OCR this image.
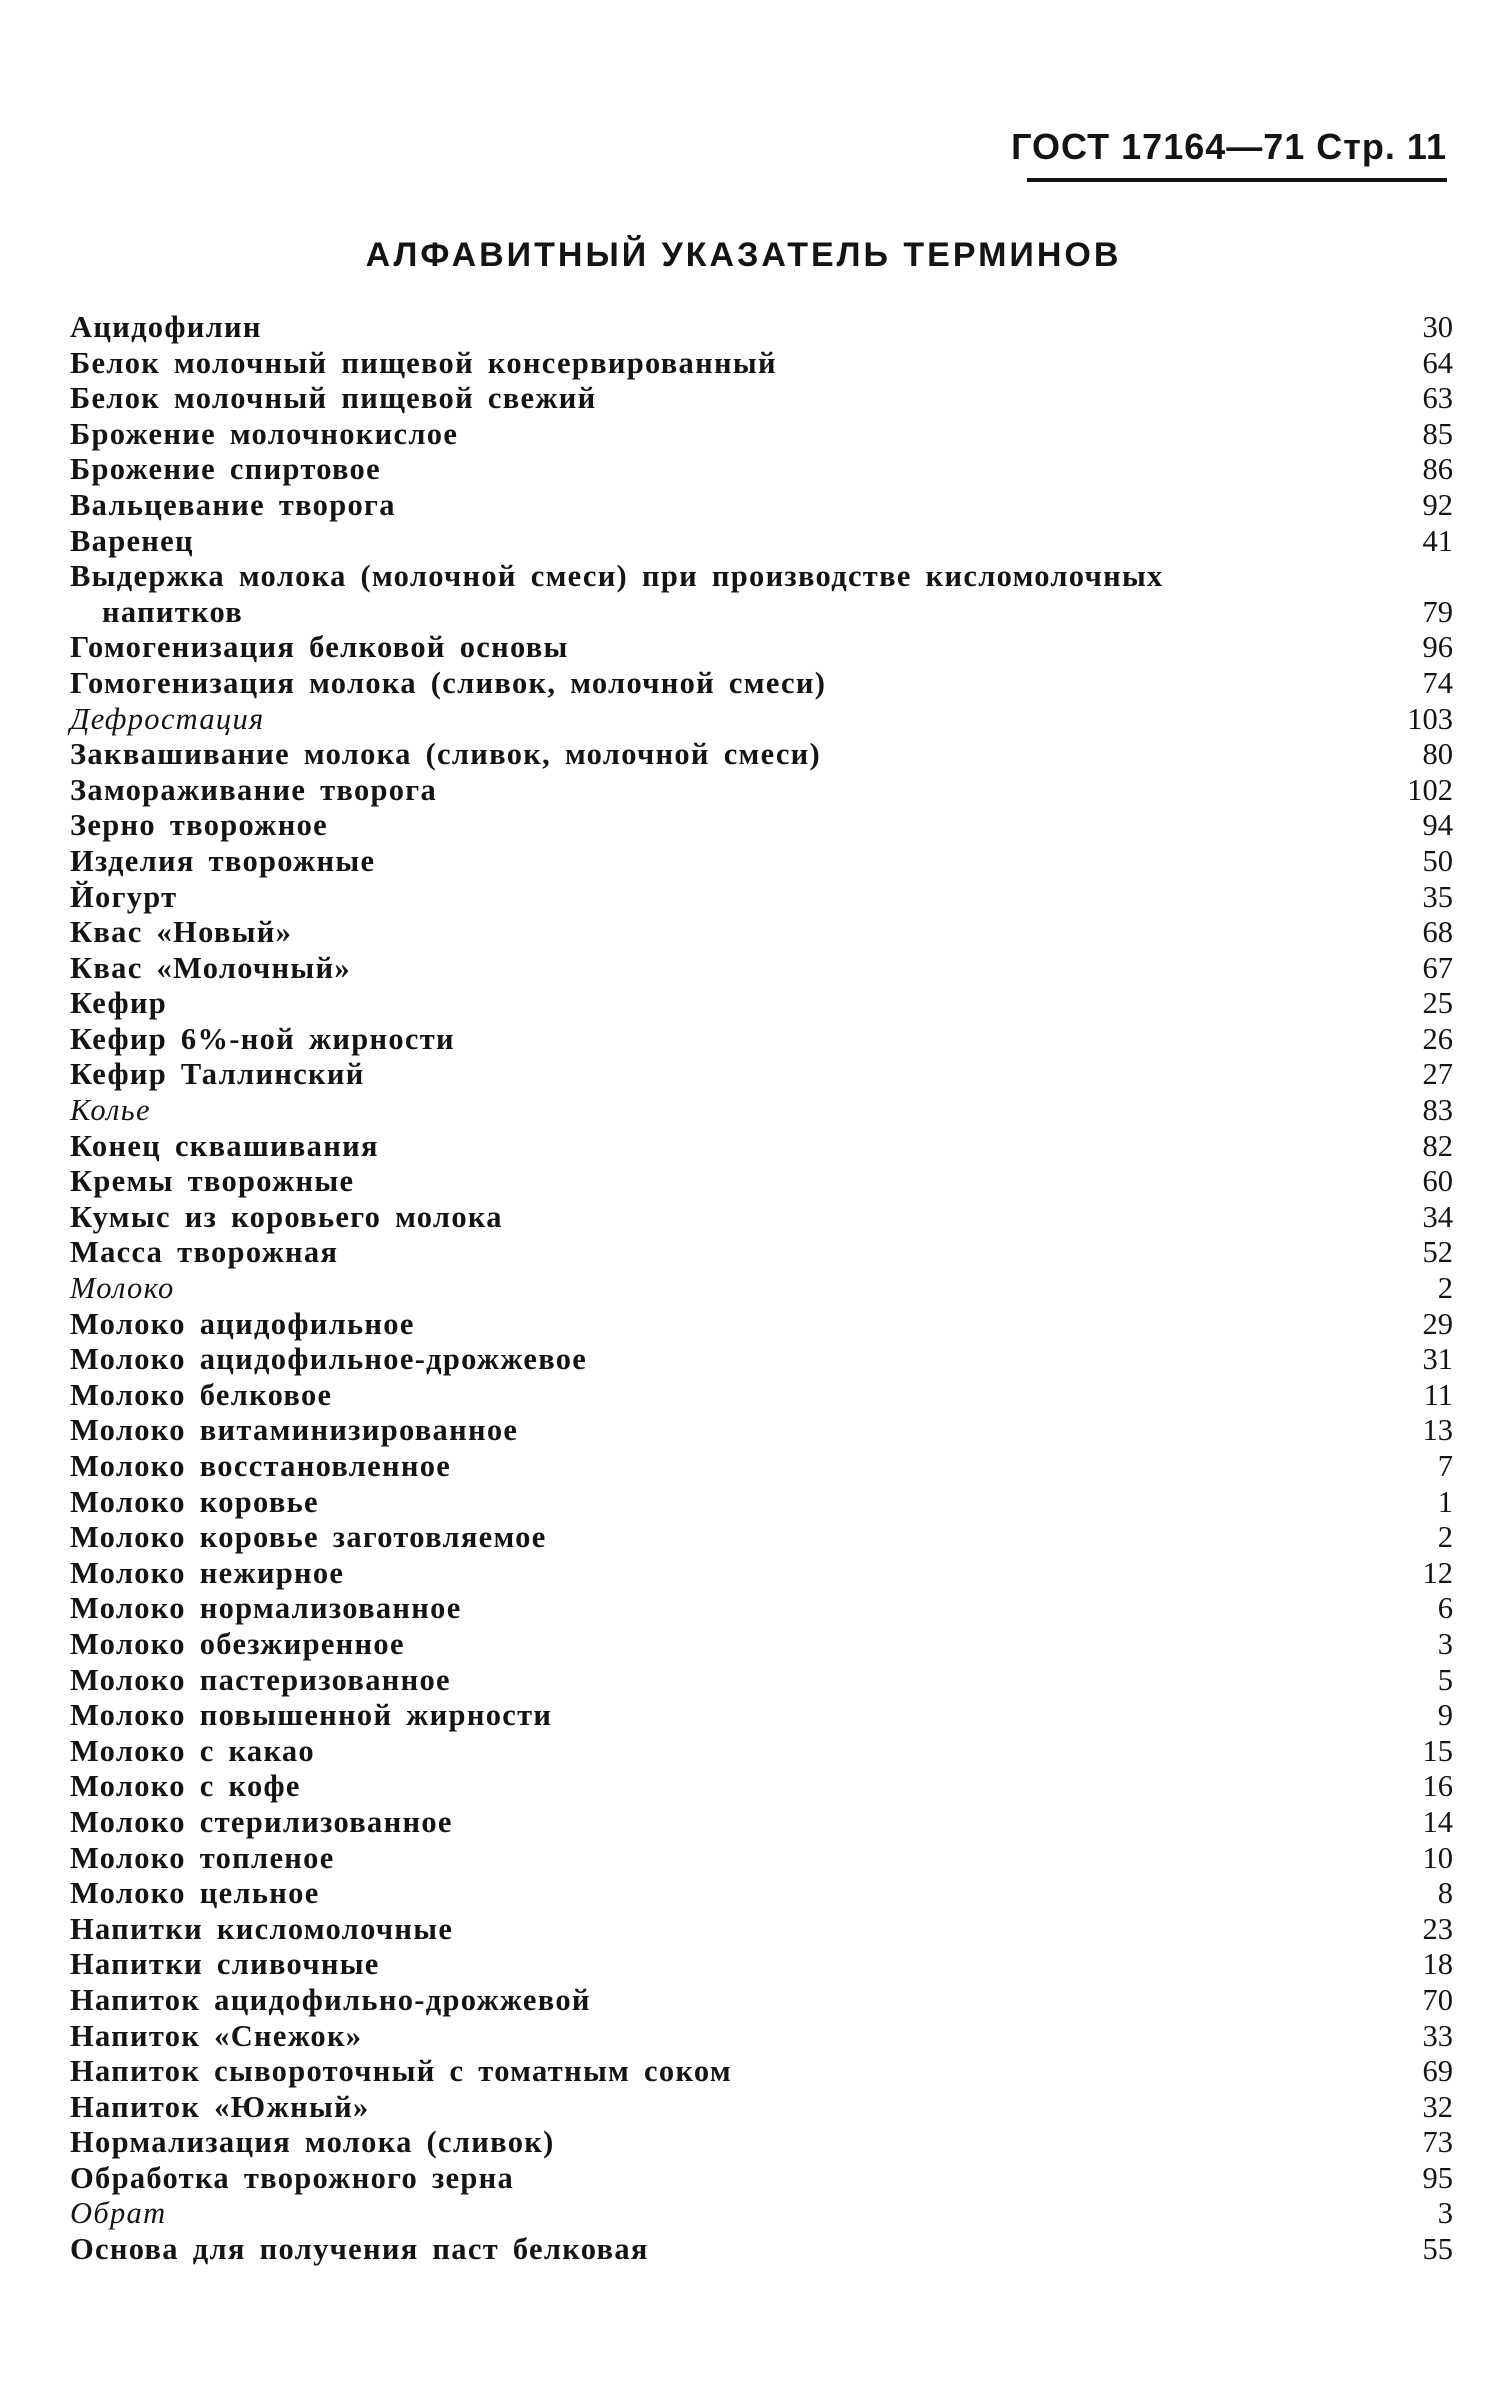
ГОСТ 17164—71 Стр. 11
АЛФАВИТНЫЙ УКАЗАТЕЛЬ ТЕРМИНОВ
Ацидофилин	30
Белок молочный пищевой консервированный	64
Белок молочный пищевой свежий	63
Брожение молочнокислое	85
Брожение спиртовое	86
Вальцевание творога	92
Варенец	41
Выдержка молока (молочной смеси) при производстве кисломолочных
напитков	79
Гомогенизация белковой основы	96
Гомогенизация молока (сливок, молочной смеси)	74
Дефростация	103
Заквашивание молока (сливок, молочной смеси)	80
Замораживание творога	102
Зерно творожное	94
Изделия творожные	50
Йогурт	35
Квас «Новый»	68
Квас «Молочный»	67
Кефир	25
Кефир 6%-ной жирности	26
Кефир Таллинский	27
Колье	83
Конец сквашивания	82
Кремы творожные	60
Кумыс из коровьего молока	34
Масса творожная	52
Молоко	2
Молоко ацидофильное	29
Молоко ацидофильное-дрожжевое	31
Молоко белковое	11
Молоко витаминизированное	13
Молоко восстановленное	7
Молоко коровье	1
Молоко коровье заготовляемое	2
Молоко нежирное	12
Молоко нормализованное	6
Молоко обезжиренное	3
Молоко пастеризованное	5
Молоко повышенной жирности	9
Молоко с какао	15
Молоко с кофе	16
Молоко стерилизованное	14
Молоко топленое	10
Молоко цельное	8
Напитки кисломолочные	23
Напитки сливочные	18
Напиток ацидофильно-дрожжевой	70
Напиток «Снежок»	33
Напиток сывороточный с томатным соком	69
Напиток «Южный»	32
Нормализация молока (сливок)	73
Обработка творожного зерна	95
Обрат	3
Основа для получения паст белковая	55
